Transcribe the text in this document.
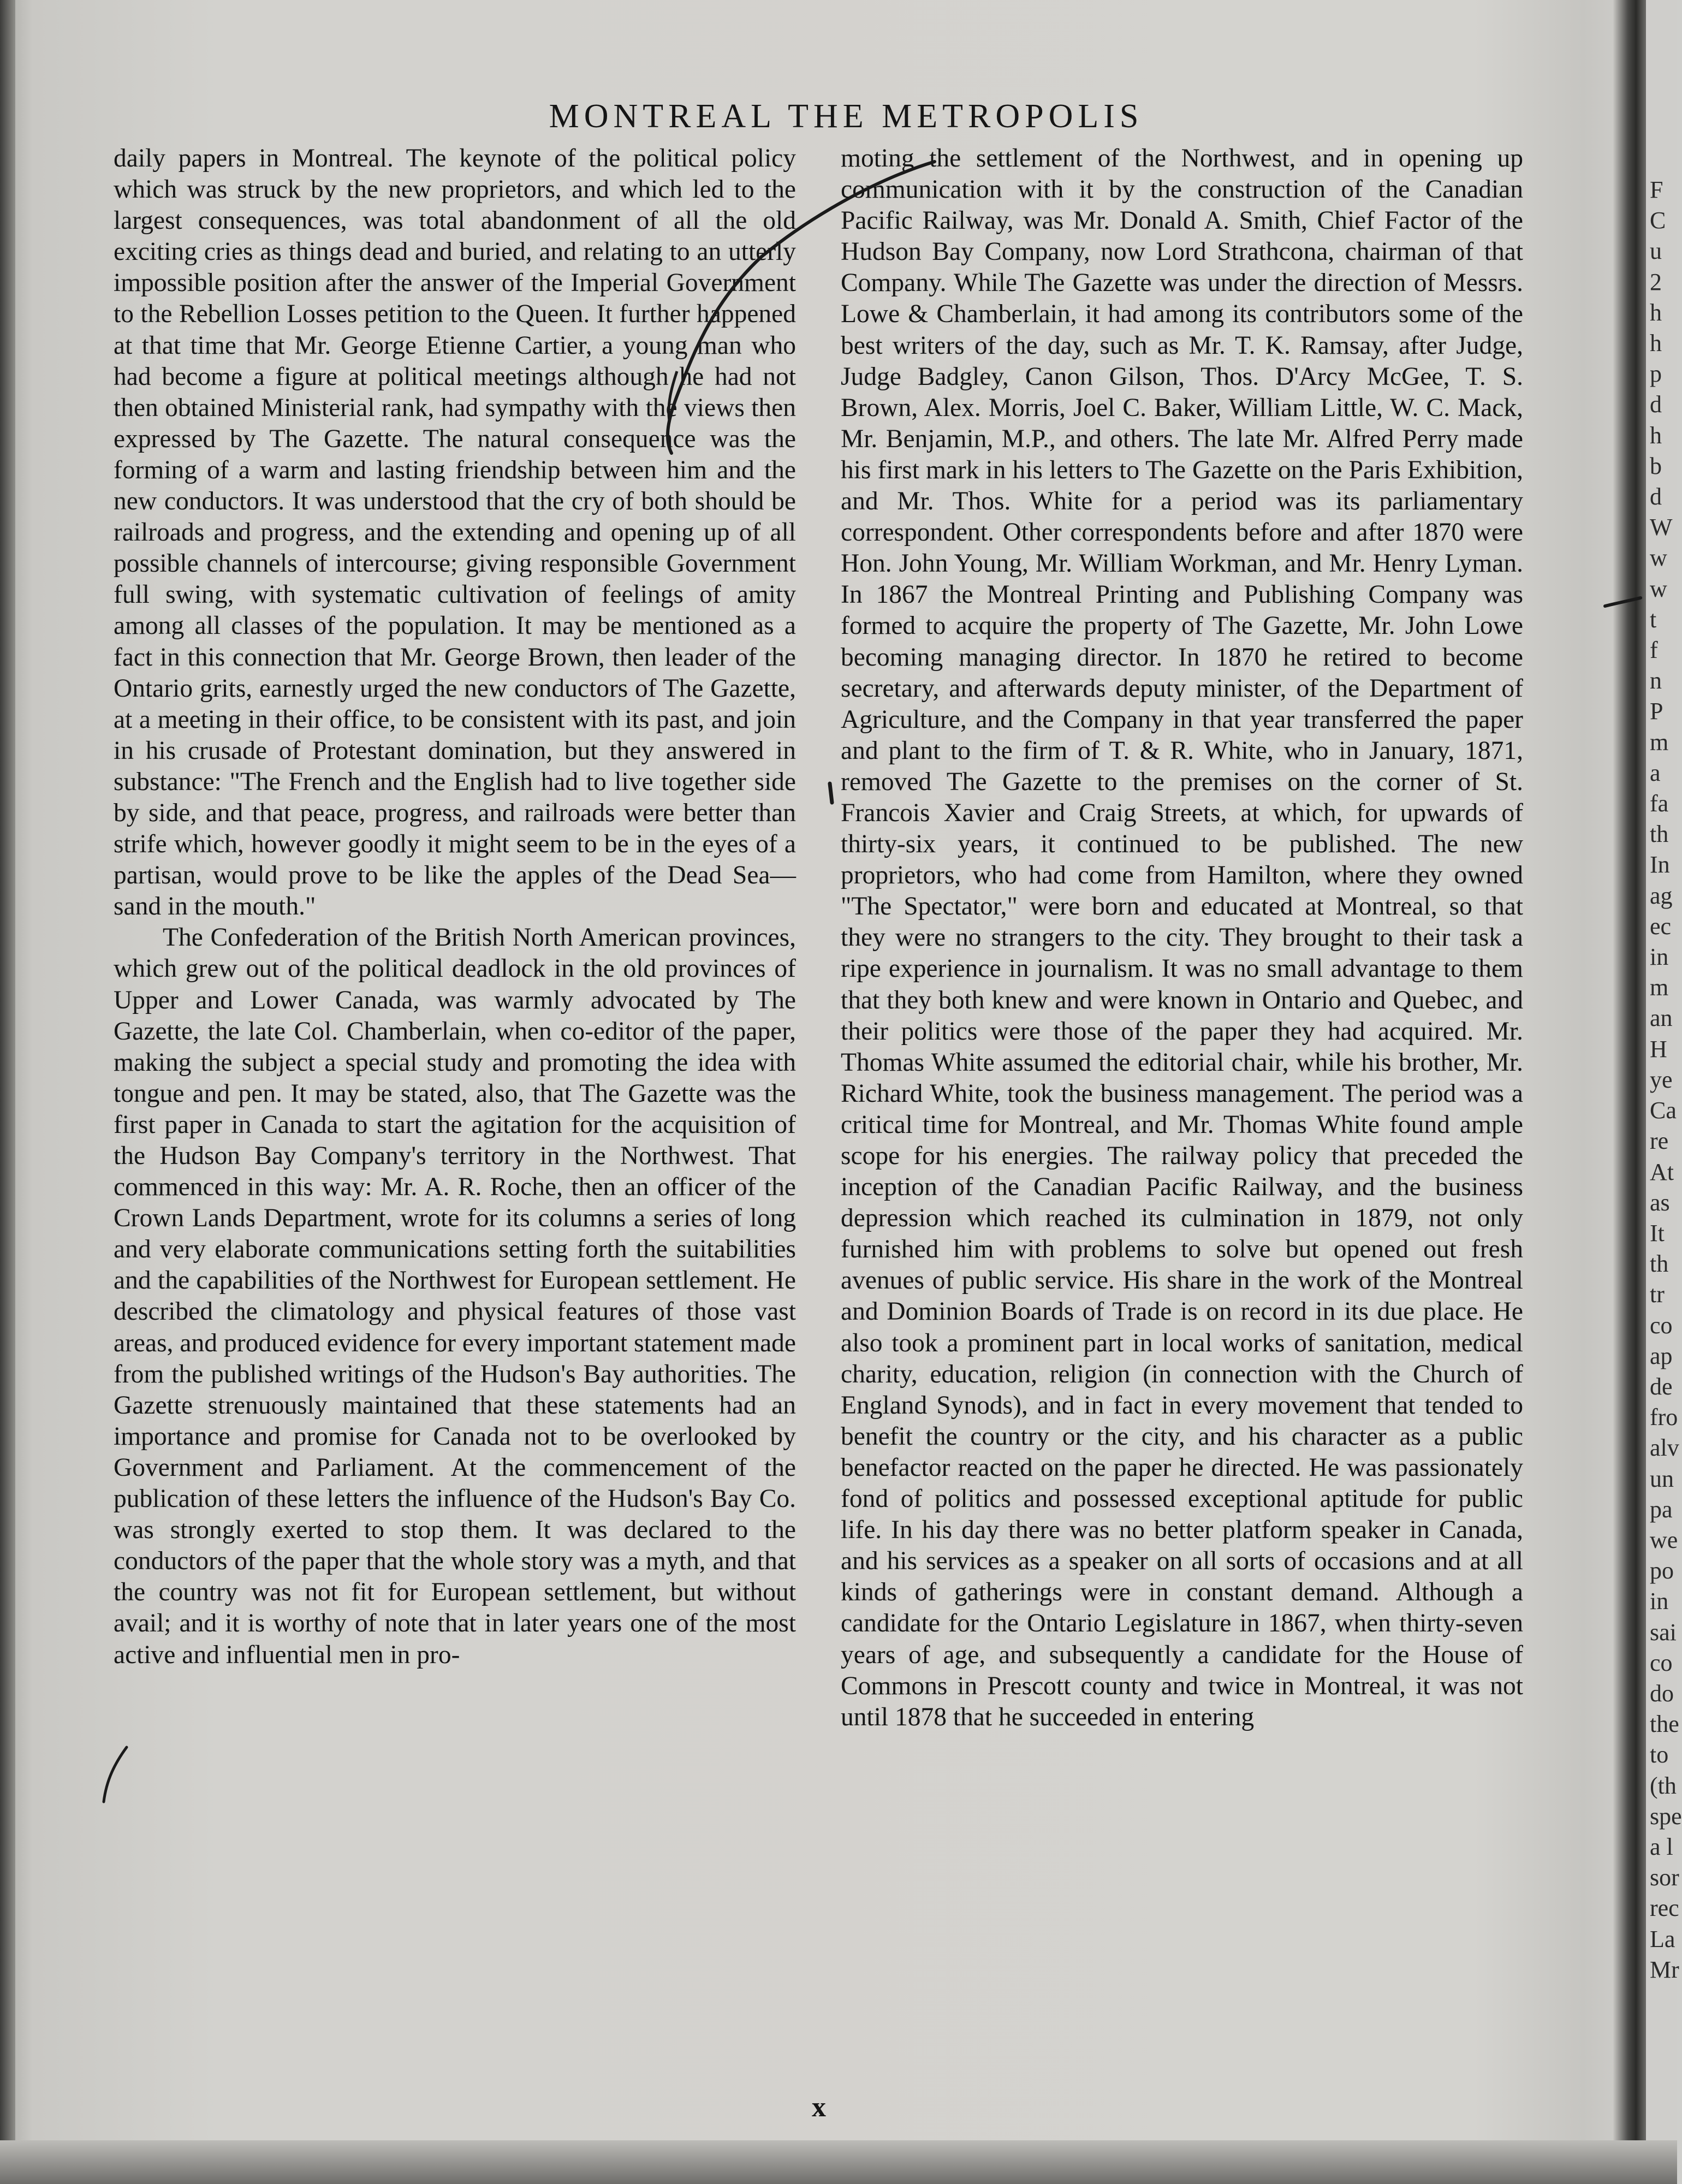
MONTREAL THE METROPOLIS

daily papers in Montreal. The keynote of the political policy which was struck by the new proprietors, and which led to the largest consequences, was total abandonment of all the old exciting cries as things dead and buried, and relating to an utterly impossible position after the answer of the Imperial Government to the Rebellion Losses petition to the Queen. It further happened at that time that Mr. George Etienne Cartier, a young man who had become a figure at political meetings although he had not then obtained Ministerial rank, had sympathy with the views then expressed by The Gazette. The natural consequence was the forming of a warm and lasting friendship between him and the new conductors. It was understood that the cry of both should be railroads and progress, and the extending and opening up of all possible channels of intercourse; giving responsible Government full swing, with systematic cultivation of feelings of amity among all classes of the population. It may be mentioned as a fact in this connection that Mr. George Brown, then leader of the Ontario grits, earnestly urged the new conductors of The Gazette, at a meeting in their office, to be consistent with its past, and join in his crusade of Protestant domination, but they answered in substance: "The French and the English had to live together side by side, and that peace, progress, and railroads were better than strife which, however goodly it might seem to be in the eyes of a partisan, would prove to be like the apples of the Dead Sea—sand in the mouth."

The Confederation of the British North American provinces, which grew out of the political deadlock in the old provinces of Upper and Lower Canada, was warmly advocated by The Gazette, the late Col. Chamberlain, when co-editor of the paper, making the subject a special study and promoting the idea with tongue and pen. It may be stated, also, that The Gazette was the first paper in Canada to start the agitation for the acquisition of the Hudson Bay Company's territory in the Northwest. That commenced in this way: Mr. A. R. Roche, then an officer of the Crown Lands Department, wrote for its columns a series of long and very elaborate communications setting forth the suitabilities and the capabilities of the Northwest for European settlement. He described the climatology and physical features of those vast areas, and produced evidence for every important statement made from the published writings of the Hudson's Bay authorities. The Gazette strenuously maintained that these statements had an importance and promise for Canada not to be overlooked by Government and Parliament. At the commencement of the publication of these letters the influence of the Hudson's Bay Co. was strongly exerted to stop them. It was declared to the conductors of the paper that the whole story was a myth, and that the country was not fit for European settlement, but without avail; and it is worthy of note that in later years one of the most active and influential men in pro-

moting the settlement of the Northwest, and in opening up communication with it by the construction of the Canadian Pacific Railway, was Mr. Donald A. Smith, Chief Factor of the Hudson Bay Company, now Lord Strathcona, chairman of that Company. While The Gazette was under the direction of Messrs. Lowe & Chamberlain, it had among its contributors some of the best writers of the day, such as Mr. T. K. Ramsay, after Judge, Judge Badgley, Canon Gilson, Thos. D'Arcy McGee, T. S. Brown, Alex. Morris, Joel C. Baker, William Little, W. C. Mack, Mr. Benjamin, M.P., and others. The late Mr. Alfred Perry made his first mark in his letters to The Gazette on the Paris Exhibition, and Mr. Thos. White for a period was its parliamentary correspondent. Other correspondents before and after 1870 were Hon. John Young, Mr. William Workman, and Mr. Henry Lyman. In 1867 the Montreal Printing and Publishing Company was formed to acquire the property of The Gazette, Mr. John Lowe becoming managing director. In 1870 he retired to become secretary, and afterwards deputy minister, of the Department of Agriculture, and the Company in that year transferred the paper and plant to the firm of T. & R. White, who in January, 1871, removed The Gazette to the premises on the corner of St. Francois Xavier and Craig Streets, at which, for upwards of thirty-six years, it continued to be published. The new proprietors, who had come from Hamilton, where they owned "The Spectator," were born and educated at Montreal, so that they were no strangers to the city. They brought to their task a ripe experience in journalism. It was no small advantage to them that they both knew and were known in Ontario and Quebec, and their politics were those of the paper they had acquired. Mr. Thomas White assumed the editorial chair, while his brother, Mr. Richard White, took the business management. The period was a critical time for Montreal, and Mr. Thomas White found ample scope for his energies. The railway policy that preceded the inception of the Canadian Pacific Railway, and the business depression which reached its culmination in 1879, not only furnished him with problems to solve but opened out fresh avenues of public service. His share in the work of the Montreal and Dominion Boards of Trade is on record in its due place. He also took a prominent part in local works of sanitation, medical charity, education, religion (in connection with the Church of England Synods), and in fact in every movement that tended to benefit the country or the city, and his character as a public benefactor reacted on the paper he directed. He was passionately fond of politics and possessed exceptional aptitude for public life. In his day there was no better platform speaker in Canada, and his services as a speaker on all sorts of occasions and at all kinds of gatherings were in constant demand. Although a candidate for the Ontario Legislature in 1867, when thirty-seven years of age, and subsequently a candidate for the House of Commons in Prescott county and twice in Montreal, it was not until 1878 that he succeeded in entering

x
F
C
u
2
h
h
p
d
h
b
d
W
w
w
t
f
n
P
m
a
fa
th
In
ag
ec
in
m
an
H
ye
Ca
re
At
as
It
th
tr
co
ap
de
fro
alv
un
pa
we
po
in
sai
co
do
the
to
(th
spe
a l
sor
rec
La
Mr
